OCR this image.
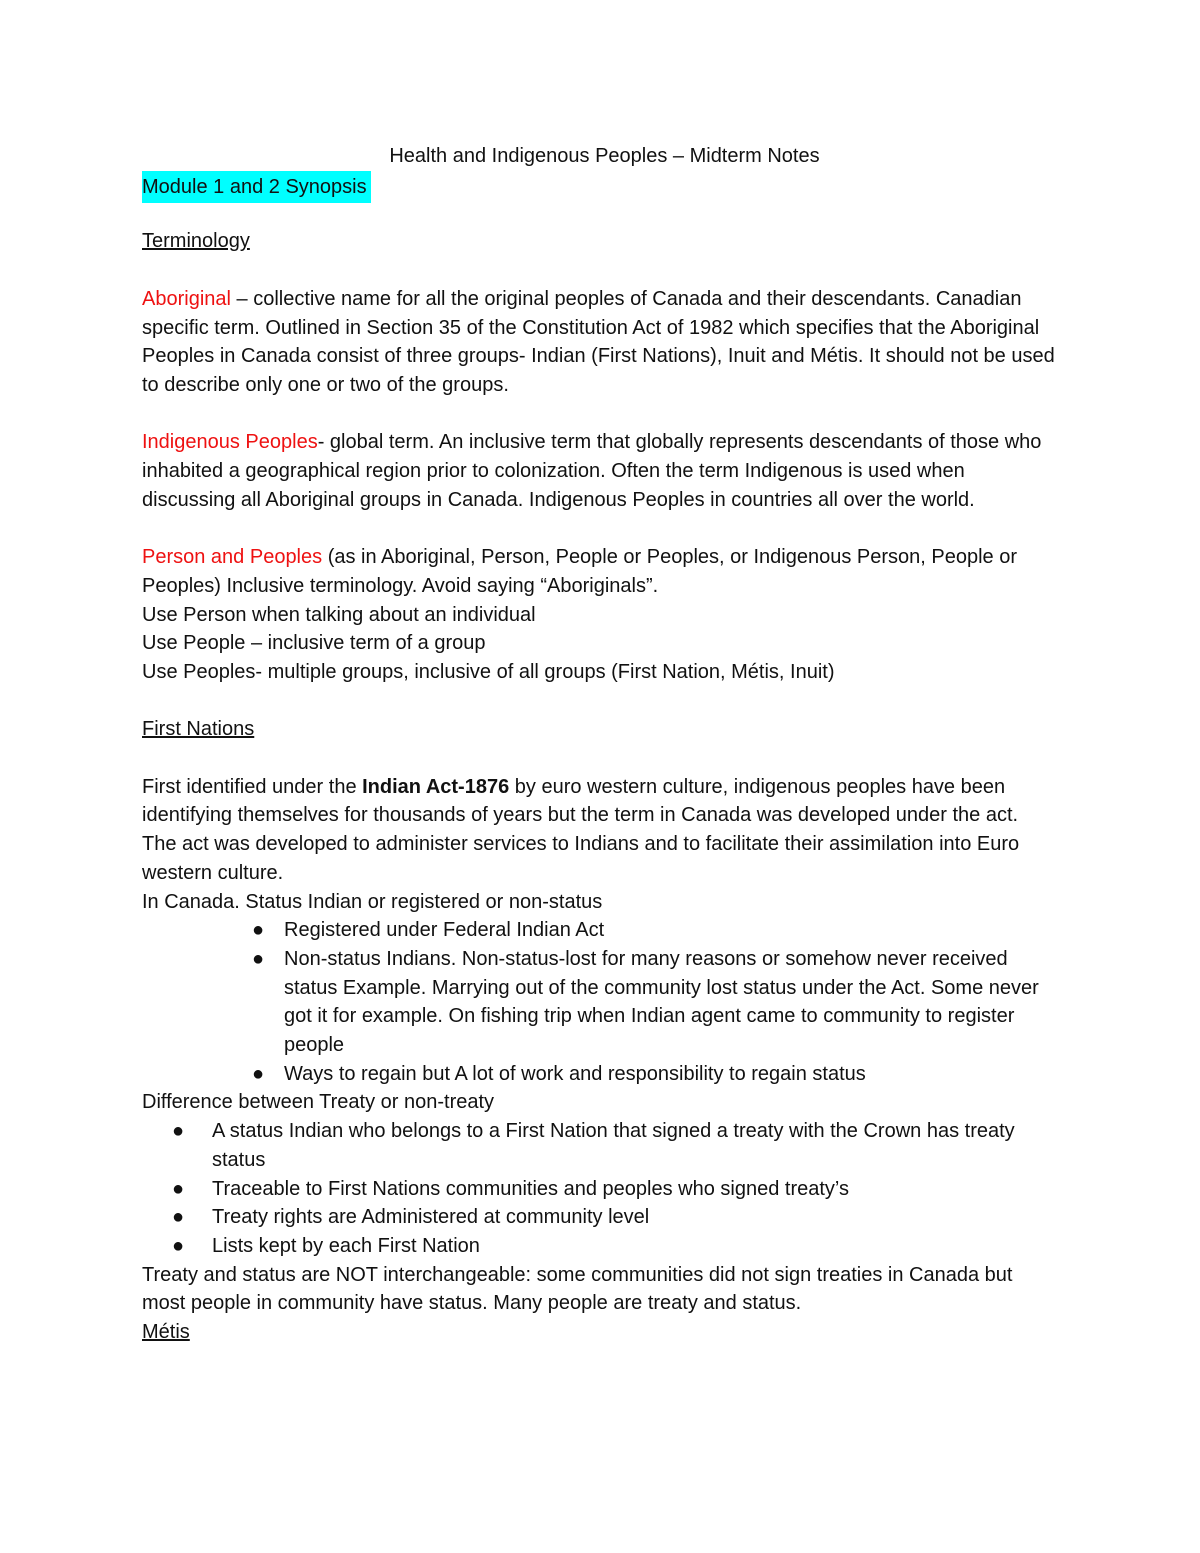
Health and Indigenous Peoples – Midterm Notes

Module 1 and 2 Synopsis

Terminology

Aboriginal – collective name for all the original peoples of Canada and their descendants. Canadian specific term. Outlined in Section 35 of the Constitution Act of 1982 which specifies that the Aboriginal Peoples in Canada consist of three groups- Indian (First Nations), Inuit and Métis. It should not be used to describe only one or two of the groups.

Indigenous Peoples- global term. An inclusive term that globally represents descendants of those who inhabited a geographical region prior to colonization. Often the term Indigenous is used when discussing all Aboriginal groups in Canada. Indigenous Peoples in countries all over the world.

Person and Peoples (as in Aboriginal, Person, People or Peoples, or Indigenous Person, People or Peoples) Inclusive terminology. Avoid saying “Aboriginals”.

Use Person when talking about an individual

Use People – inclusive term of a group

Use Peoples- multiple groups, inclusive of all groups (First Nation, Métis, Inuit)

First Nations

First identified under the Indian Act-1876 by euro western culture, indigenous peoples have been identifying themselves for thousands of years but the term in Canada was developed under the act. The act was developed to administer services to Indians and to facilitate their assimilation into Euro western culture.

In Canada. Status Indian or registered or non-status

● Registered under Federal Indian Act
● Non-status Indians. Non-status-lost for many reasons or somehow never received status Example. Marrying out of the community lost status under the Act. Some never got it for example. On fishing trip when Indian agent came to community to register people
● Ways to regain but A lot of work and responsibility to regain status

Difference between Treaty or non-treaty

● A status Indian who belongs to a First Nation that signed a treaty with the Crown has treaty status
● Traceable to First Nations communities and peoples who signed treaty’s
● Treaty rights are Administered at community level
● Lists kept by each First Nation

Treaty and status are NOT interchangeable: some communities did not sign treaties in Canada but most people in community have status. Many people are treaty and status.

Métis
